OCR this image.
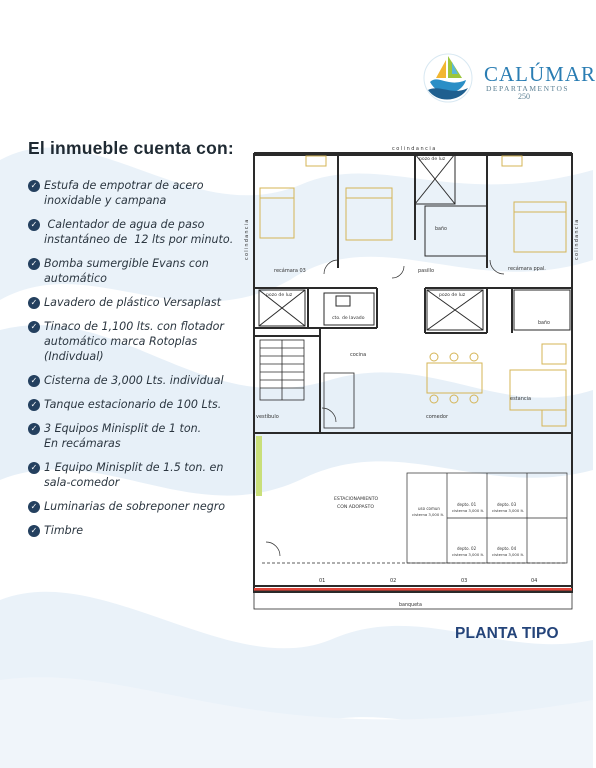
CALÚMAR
DEPARTAMENTOS
250
El inmueble cuenta con:
✓ Estufa de empotrar de acero
inoxidable y campana
✓ Calentador de agua de paso
instantáneo de  12 lts por minuto.
✓ Bomba sumergible Evans con
automático
✓ Lavadero de plástico Versaplast
✓ Tinaco de 1,100 lts. con flotador
automático marca Rotoplas
(Indivdual)
✓ Cisterna de 3,000 Lts. individual
✓ Tanque estacionario de 100 Lts.
✓ 3 Equipos Minisplit de 1 ton.
En recámaras
✓ 1 Equipo Minisplit de 1.5 ton. en
sala-comedor
✓ Luminarias de sobreponer negro
✓ Timbre
colindancia
colindancia	colindancia
pozo de luz
pozo de luz	pozo de luz
baño
baño
recámara 03	recámara ppal.
pasillo
cto. de lavado
cocina
vestíbulo	comedor
estancia
ESTACIONAMIENTO
CON ADOPASTO	uso comun
cisterna 3,000 lt.
depto. 01
cisterna 3,000 lt.
depto. 03
cisterna 3,000 lt.
depto. 02
cisterna 3,000 lt.
depto. 04
cisterna 3,000 lt.
01	02	03	04
banqueta
PLANTA TIPO
